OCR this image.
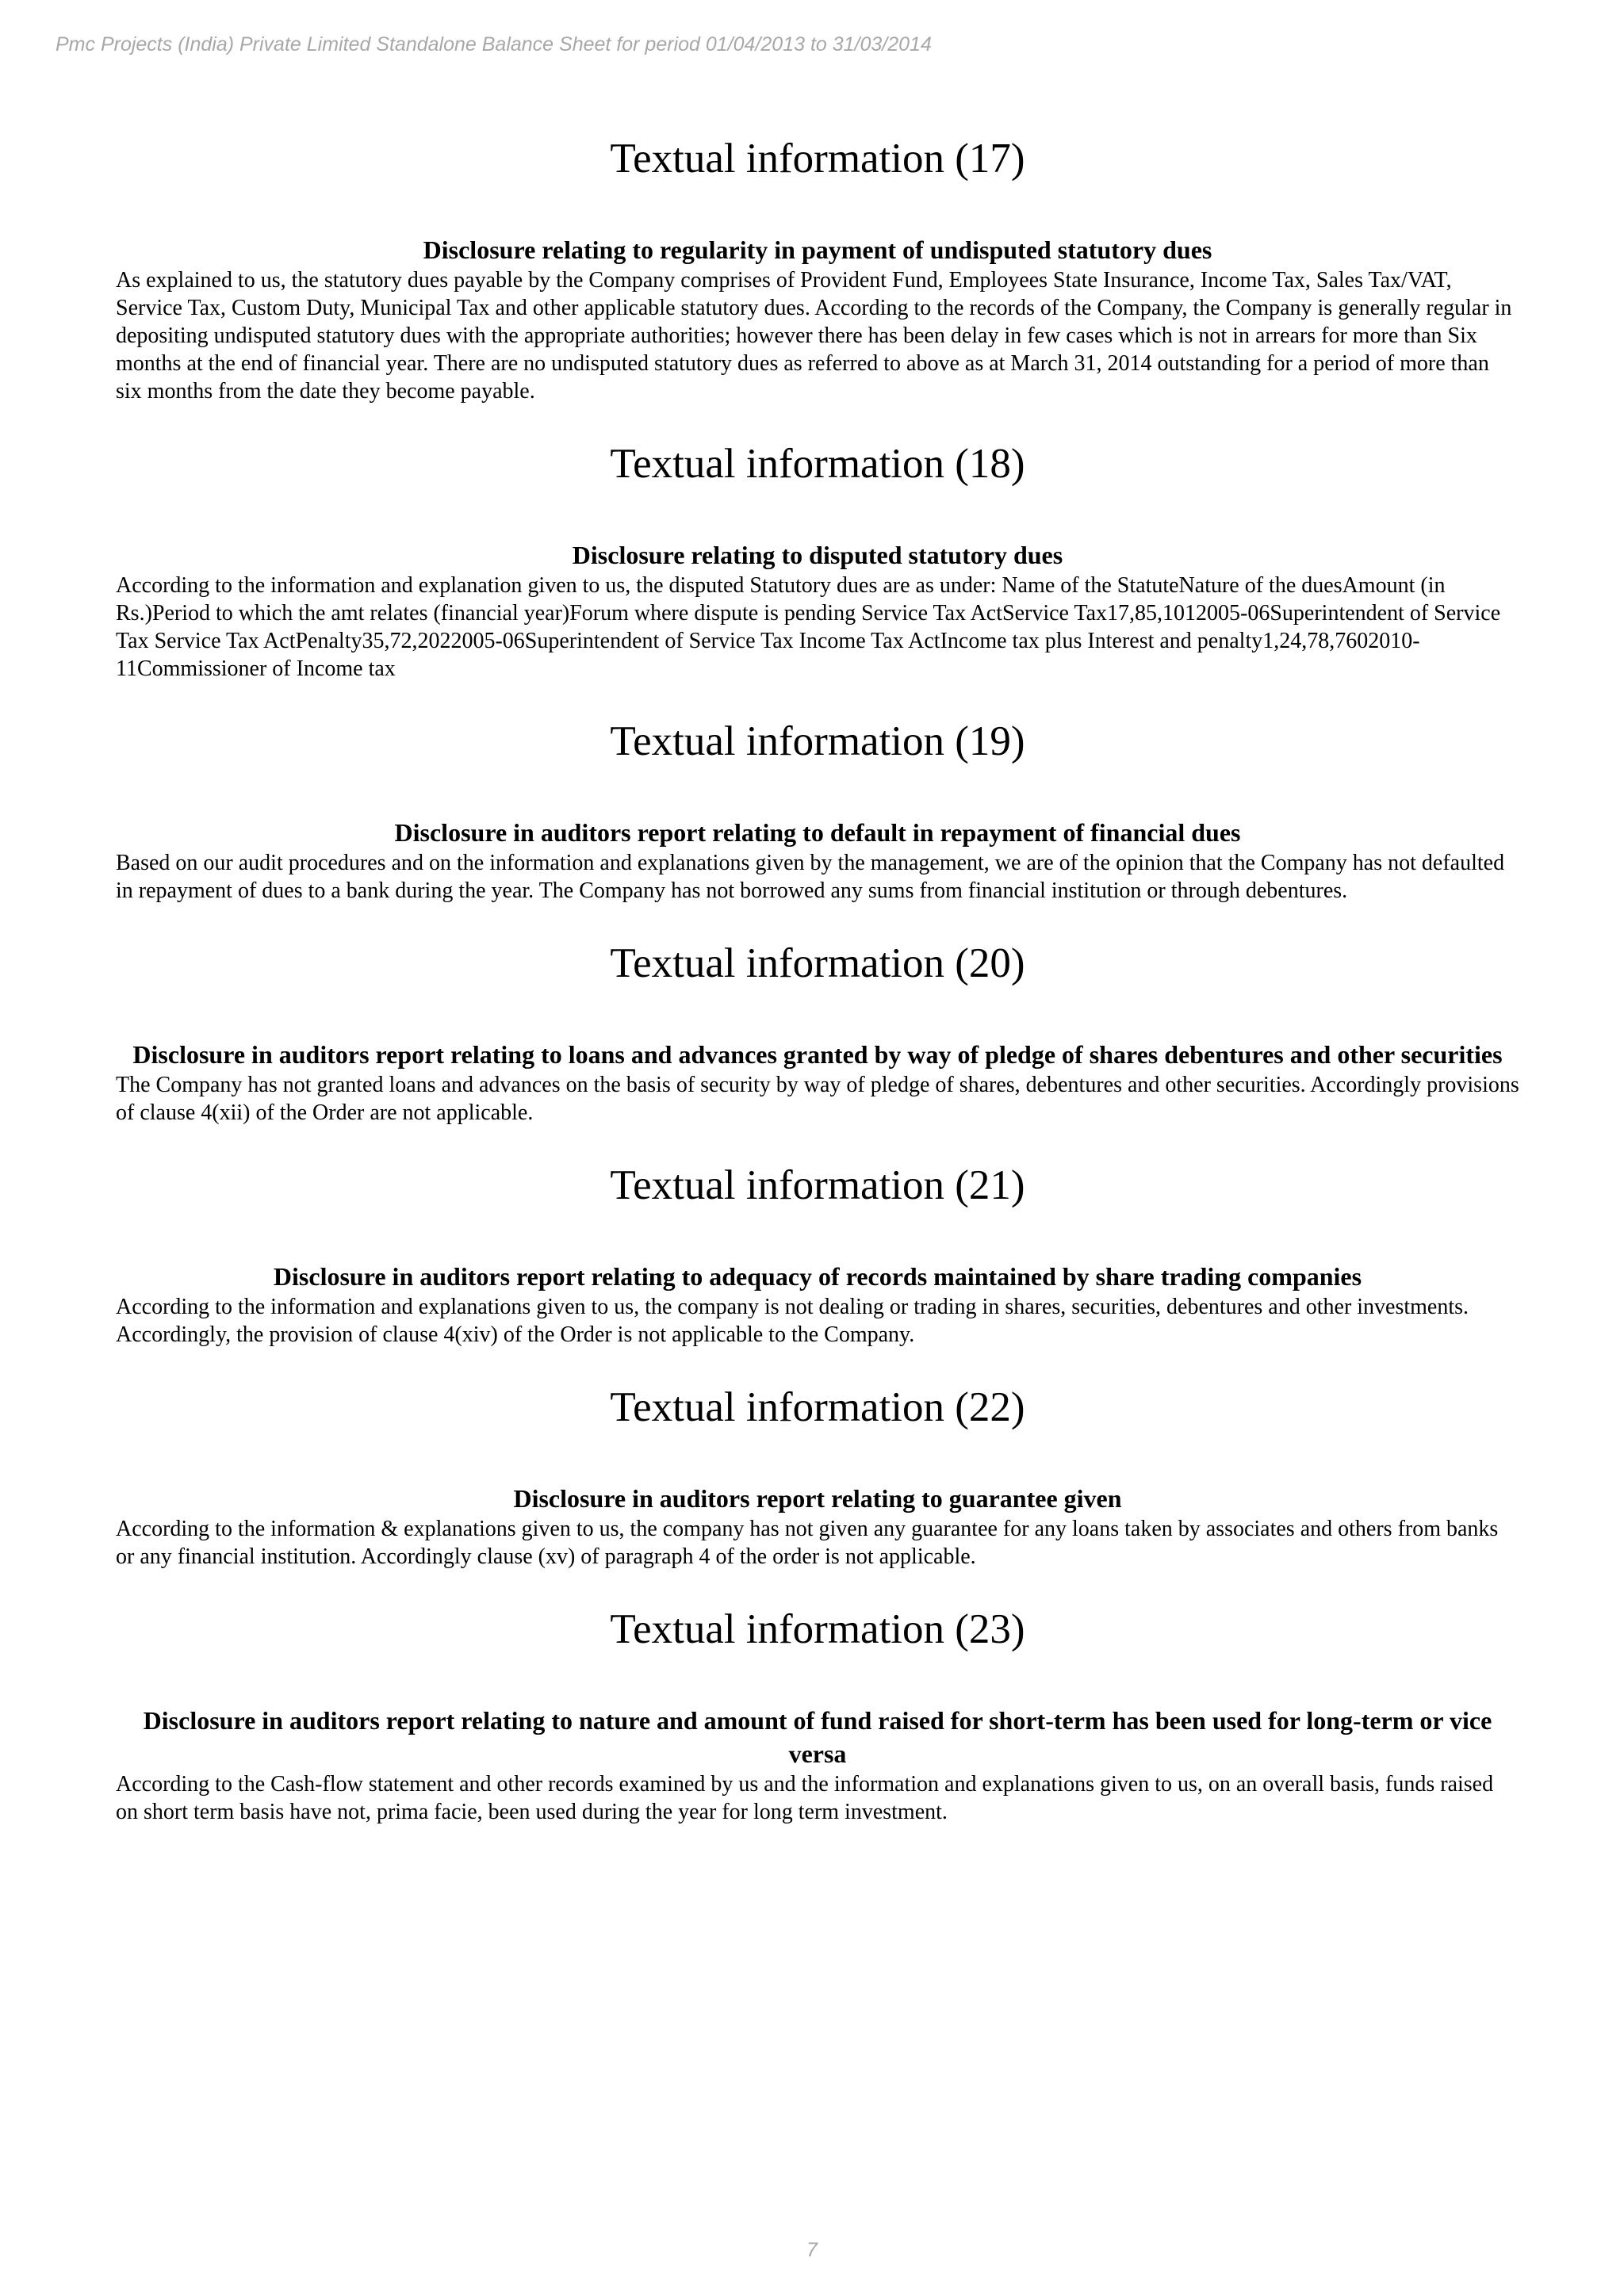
Pmc Projects (India) Private Limited Standalone Balance Sheet for period 01/04/2013 to 31/03/2014
Textual information (17)
Disclosure relating to regularity in payment of undisputed statutory dues

As explained to us, the statutory dues payable by the Company comprises of Provident Fund, Employees State Insurance, Income Tax, Sales Tax/VAT, Service Tax, Custom Duty, Municipal Tax and other applicable statutory dues. According to the records of the Company, the Company is generally regular in depositing undisputed statutory dues with the appropriate authorities; however there has been delay in few cases which is not in arrears for more than Six months at the end of financial year. There are no undisputed statutory dues as referred to above as at March 31, 2014 outstanding for a period of more than six months from the date they become payable.

Textual information (18)
Disclosure relating to disputed statutory dues

According to the information and explanation given to us, the disputed Statutory dues are as under: Name of the StatuteNature of the duesAmount (in Rs.)Period to which the amt relates (financial year)Forum where dispute is pending Service Tax ActService Tax17,85,1012005-06Superintendent of Service Tax Service Tax ActPenalty35,72,2022005-06Superintendent of Service Tax Income Tax ActIncome tax plus Interest and penalty1,24,78,7602010-11Commissioner of Income tax

Textual information (19)
Disclosure in auditors report relating to default in repayment of financial dues

Based on our audit procedures and on the information and explanations given by the management, we are of the opinion that the Company has not defaulted in repayment of dues to a bank during the year. The Company has not borrowed any sums from financial institution or through debentures.

Textual information (20)
Disclosure in auditors report relating to loans and advances granted by way of pledge of shares debentures and other securities

The Company has not granted loans and advances on the basis of security by way of pledge of shares, debentures and other securities. Accordingly provisions of clause 4(xii) of the Order are not applicable.

Textual information (21)
Disclosure in auditors report relating to adequacy of records maintained by share trading companies

According to the information and explanations given to us, the company is not dealing or trading in shares, securities, debentures and other investments. Accordingly, the provision of clause 4(xiv) of the Order is not applicable to the Company.

Textual information (22)
Disclosure in auditors report relating to guarantee given

According to the information & explanations given to us, the company has not given any guarantee for any loans taken by associates and others from banks or any financial institution. Accordingly clause (xv) of paragraph 4 of the order is not applicable.

Textual information (23)
Disclosure in auditors report relating to nature and amount of fund raised for short-term has been used for long-term or vice versa

According to the Cash-flow statement and other records examined by us and the information and explanations given to us, on an overall basis, funds raised on short term basis have not, prima facie, been used during the year for long term investment.

7
